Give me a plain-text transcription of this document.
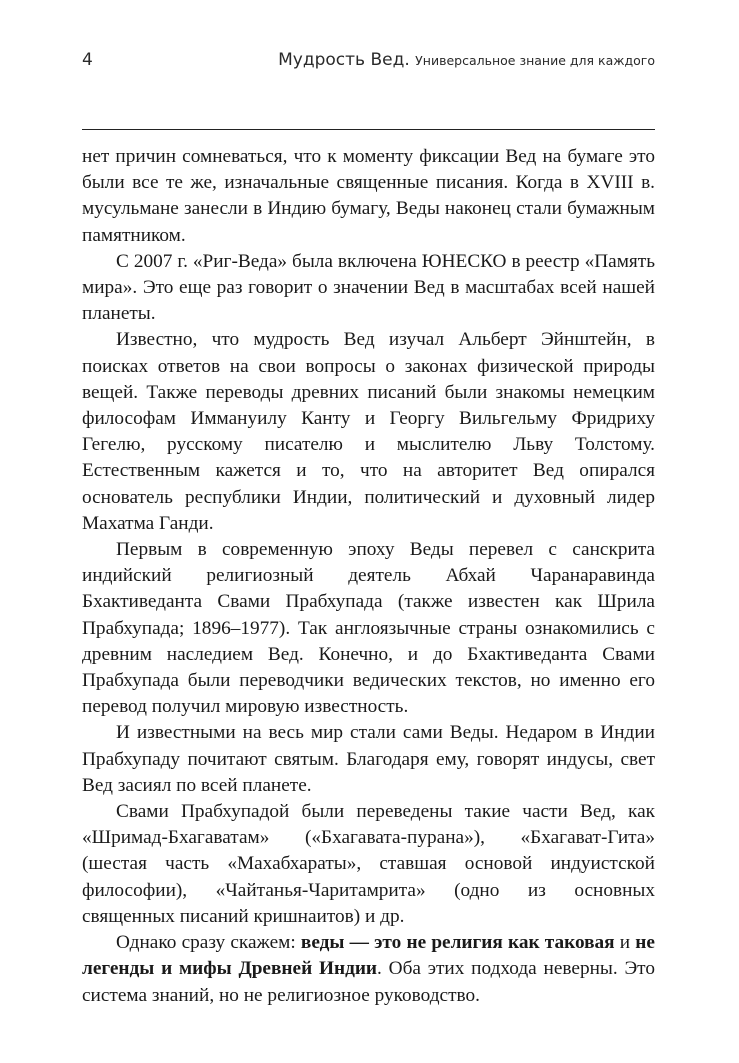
4	Мудрость Вед. Универсальное знание для каждого

нет причин сомневаться, что к моменту фиксации Вед на бумаге это были все те же, изначальные священные писания. Когда в XVIII в. мусульмане занесли в Индию бумагу, Веды наконец стали бумажным памятником.

С 2007 г. «Риг-Веда» была включена ЮНЕСКО в реестр «Память мира». Это еще раз говорит о значении Вед в масштабах всей нашей планеты.

Известно, что мудрость Вед изучал Альберт Эйнштейн, в поисках ответов на свои вопросы о законах физической природы вещей. Также переводы древних писаний были знакомы немецким философам Иммануилу Канту и Георгу Вильгельму Фридриху Гегелю, русскому писателю и мыслителю Льву Толстому. Естественным кажется и то, что на авторитет Вед опирался основатель республики Индии, политический и духовный лидер Махатма Ганди.

Первым в современную эпоху Веды перевел с санскрита индийский религиозный деятель Абхай Чаранаравинда Бхактиведанта Свами Прабхупада (также известен как Шрила Прабхупада; 1896–1977). Так англоязычные страны ознакомились с древним наследием Вед. Конечно, и до Бхактиведанта Свами Прабхупада были переводчики ведических текстов, но именно его перевод получил мировую известность.

И известными на весь мир стали сами Веды. Недаром в Индии Прабхупаду почитают святым. Благодаря ему, говорят индусы, свет Вед засиял по всей планете.

Свами Прабхупадой были переведены такие части Вед, как «Шримад-Бхагаватам» («Бхагавата-пурана»), «Бхагават-Гита» (шестая часть «Махабхараты», ставшая основой индуистской философии), «Чайтанья-Чаритамрита» (одно из основных священных писаний кришнаитов) и др.

Однако сразу скажем: веды — это не религия как таковая и не легенды и мифы Древней Индии. Оба этих подхода неверны. Это система знаний, но не религиозное руководство.
